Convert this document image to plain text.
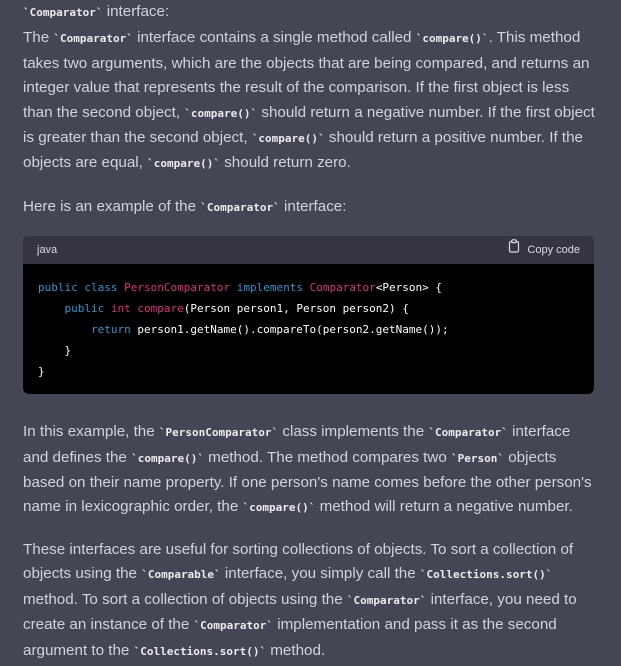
`Comparator` interface:

The `Comparator` interface contains a single method called `compare()`. This method takes two arguments, which are the objects that are being compared, and returns an integer value that represents the result of the comparison. If the first object is less than the second object, `compare()` should return a negative number. If the first object is greater than the second object, `compare()` should return a positive number. If the objects are equal, `compare()` should return zero.

Here is an example of the `Comparator` interface:

java	Copy code
public class PersonComparator implements Comparator<Person> {
public int compare(Person person1, Person person2) {
return person1.getName().compareTo(person2.getName());
}
}

In this example, the `PersonComparator` class implements the `Comparator` interface and defines the `compare()` method. The method compares two `Person` objects based on their name property. If one person's name comes before the other person's name in lexicographic order, the `compare()` method will return a negative number.

These interfaces are useful for sorting collections of objects. To sort a collection of objects using the `Comparable` interface, you simply call the `Collections.sort()` method. To sort a collection of objects using the `Comparator` interface, you need to create an instance of the `Comparator` implementation and pass it as the second argument to the `Collections.sort()` method.
